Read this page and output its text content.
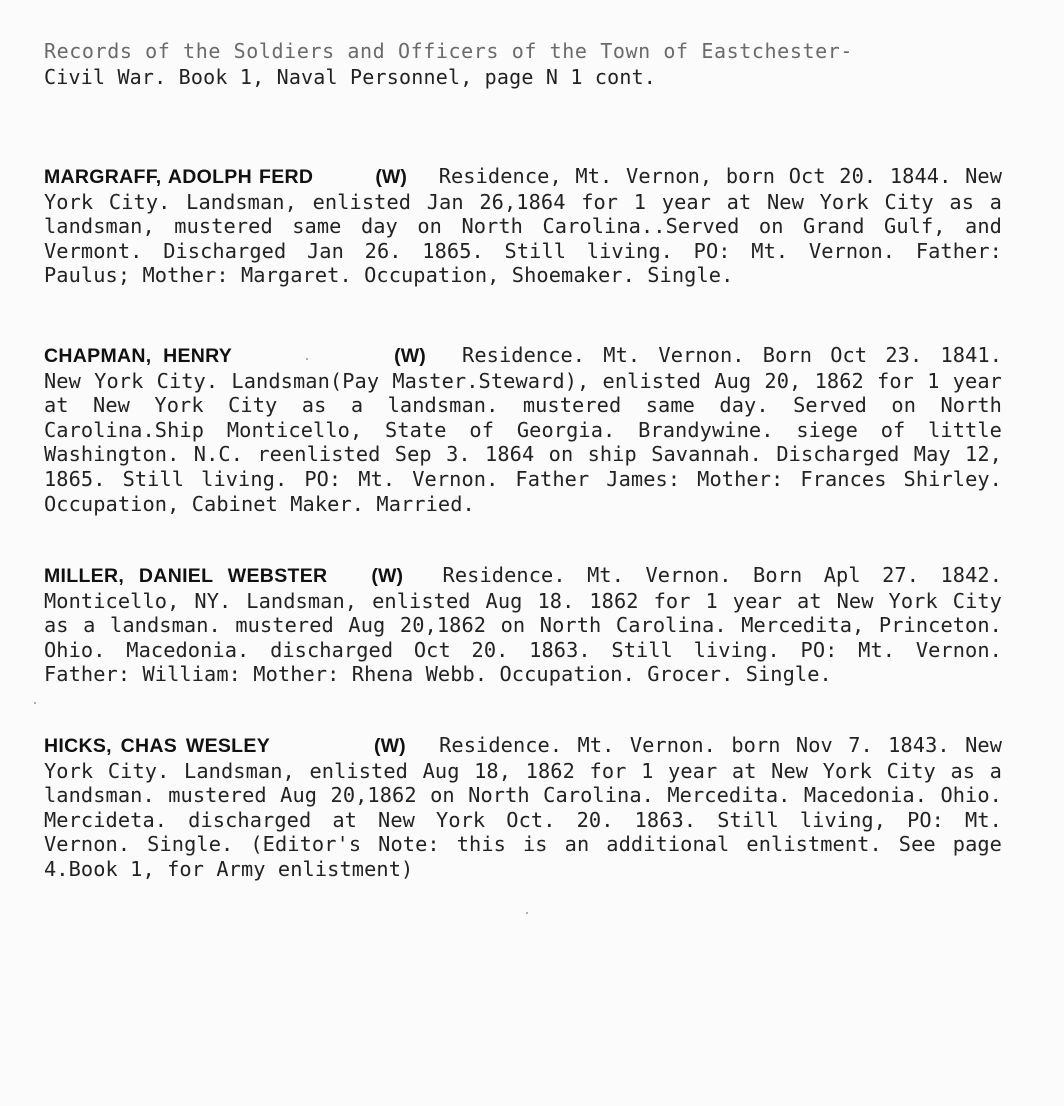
Records of the Soldiers and Officers of the Town of Eastchester-
Civil War. Book 1, Naval Personnel, page N 1 cont.
MARGRAFF, ADOLPH FERD	(W) Residence, Mt. Vernon, born Oct 20. 1844. New York City. Landsman, enlisted Jan 26,1864 for 1 year at New York City as a landsman, mustered same day on North Carolina..Served on Grand Gulf, and Vermont. Discharged Jan 26. 1865. Still living. PO: Mt. Vernon. Father: Paulus; Mother: Margaret. Occupation, Shoemaker. Single.
CHAPMAN, HENRY	(W) Residence. Mt. Vernon. Born Oct 23. 1841. New York City. Landsman(Pay Master.Steward), enlisted Aug 20, 1862 for 1 year at New York City as a landsman. mustered same day. Served on North Carolina.Ship Monticello, State of Georgia. Brandywine. siege of little Washington. N.C. reenlisted Sep 3. 1864 on ship Savannah. Discharged May 12, 1865. Still living. PO: Mt. Vernon. Father James: Mother: Frances Shirley. Occupation, Cabinet Maker. Married.
MILLER, DANIEL WEBSTER (W) Residence. Mt. Vernon. Born Apl 27. 1842. Monticello, NY. Landsman, enlisted Aug 18. 1862 for 1 year at New York City as a landsman. mustered Aug 20,1862 on North Carolina. Mercedita, Princeton. Ohio. Macedonia. discharged Oct 20. 1863. Still living. PO: Mt. Vernon. Father: William: Mother: Rhena Webb. Occupation. Grocer. Single.
HICKS, CHAS WESLEY	(W) Residence. Mt. Vernon. born Nov 7. 1843. New York City. Landsman, enlisted Aug 18, 1862 for 1 year at New York City as a landsman. mustered Aug 20,1862 on North Carolina. Mercedita. Macedonia. Ohio. Mercideta. discharged at New York Oct. 20. 1863. Still living, PO: Mt. Vernon. Single. (Editor's Note: this is an additional enlistment. See page 4.Book 1, for Army enlistment)
